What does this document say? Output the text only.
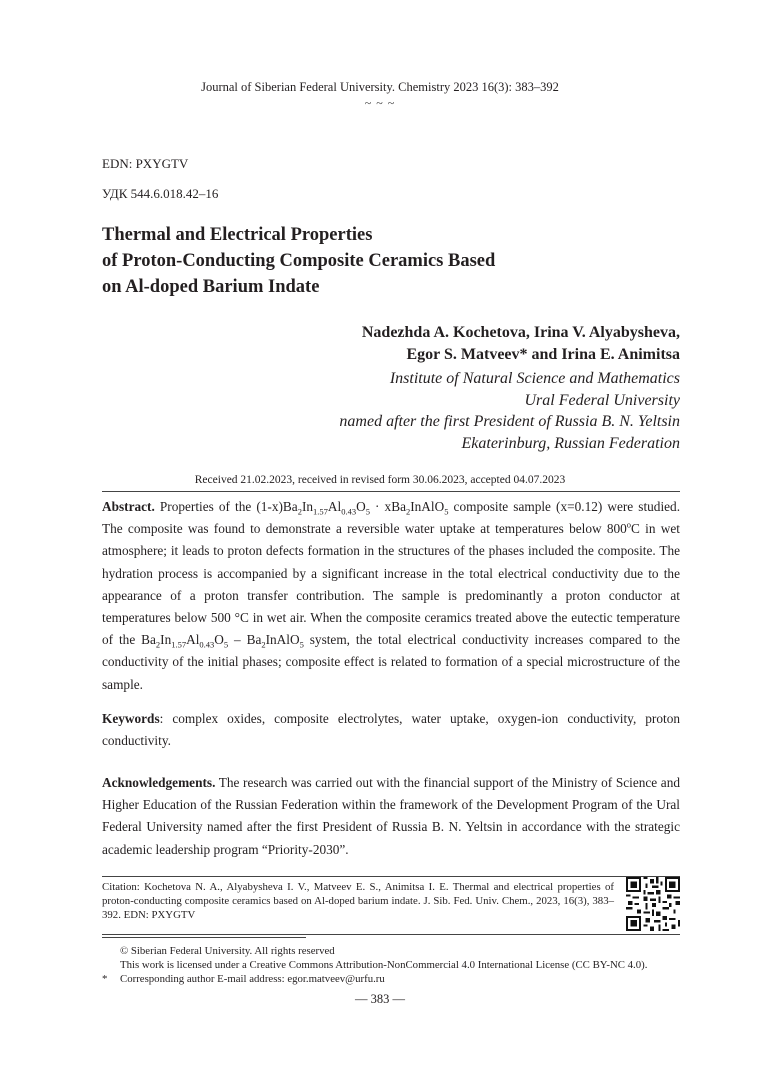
Journal of Siberian Federal University. Chemistry 2023 16(3): 383–392
~ ~ ~
EDN: PXYGTV
УДК 544.6.018.42–16
Thermal and Electrical Properties
of Proton-Conducting Composite Ceramics Based
on Al-doped Barium Indate
Nadezhda A. Kochetova, Irina V. Alyabysheva,
Egor S. Matveev* and Irina E. Animitsa
Institute of Natural Science and Mathematics
Ural Federal University
named after the first President of Russia B. N. Yeltsin
Ekaterinburg, Russian Federation
Received 21.02.2023, received in revised form 30.06.2023, accepted 04.07.2023
Abstract. Properties of the $(1-x)Ba_2In_{1.57}Al_{0.43}O_5$ · xBa$_2$InAlO$_5$ composite sample (x=0.12) were studied. The composite was found to demonstrate a reversible water uptake at temperatures below 800$^o$C in wet atmosphere; it leads to proton defects formation in the structures of the phases included the composite. The hydration process is accompanied by a significant increase in the total electrical conductivity due to the appearance of a proton transfer contribution. The sample is predominantly a proton conductor at temperatures below 500 °C in wet air. When the composite ceramics treated above the eutectic temperature of the $Ba_2In_{1.57}Al_{0.43}O_5$ – $Ba_2InAlO_5$ system, the total electrical conductivity increases compared to the conductivity of the initial phases; composite effect is related to formation of a special microstructure of the sample.
Keywords: complex oxides, composite electrolytes, water uptake, oxygen-ion conductivity, proton conductivity.
Acknowledgements. The research was carried out with the financial support of the Ministry of Science and Higher Education of the Russian Federation within the framework of the Development Program of the Ural Federal University named after the first President of Russia B. N. Yeltsin in accordance with the strategic academic leadership program “Priority-2030”.
Citation: Kochetova N. A., Alyabysheva I. V., Matveev E. S., Animitsa I. E. Thermal and electrical properties of proton-conducting composite ceramics based on Al-doped barium indate. J. Sib. Fed. Univ. Chem., 2023, 16(3), 383–392. EDN: PXYGTV
© Siberian Federal University. All rights reserved
This work is licensed under a Creative Commons Attribution-NonCommercial 4.0 International License (CC BY-NC 4.0).
* Corresponding author E-mail address: egor.matveev@urfu.ru
— 383 —
